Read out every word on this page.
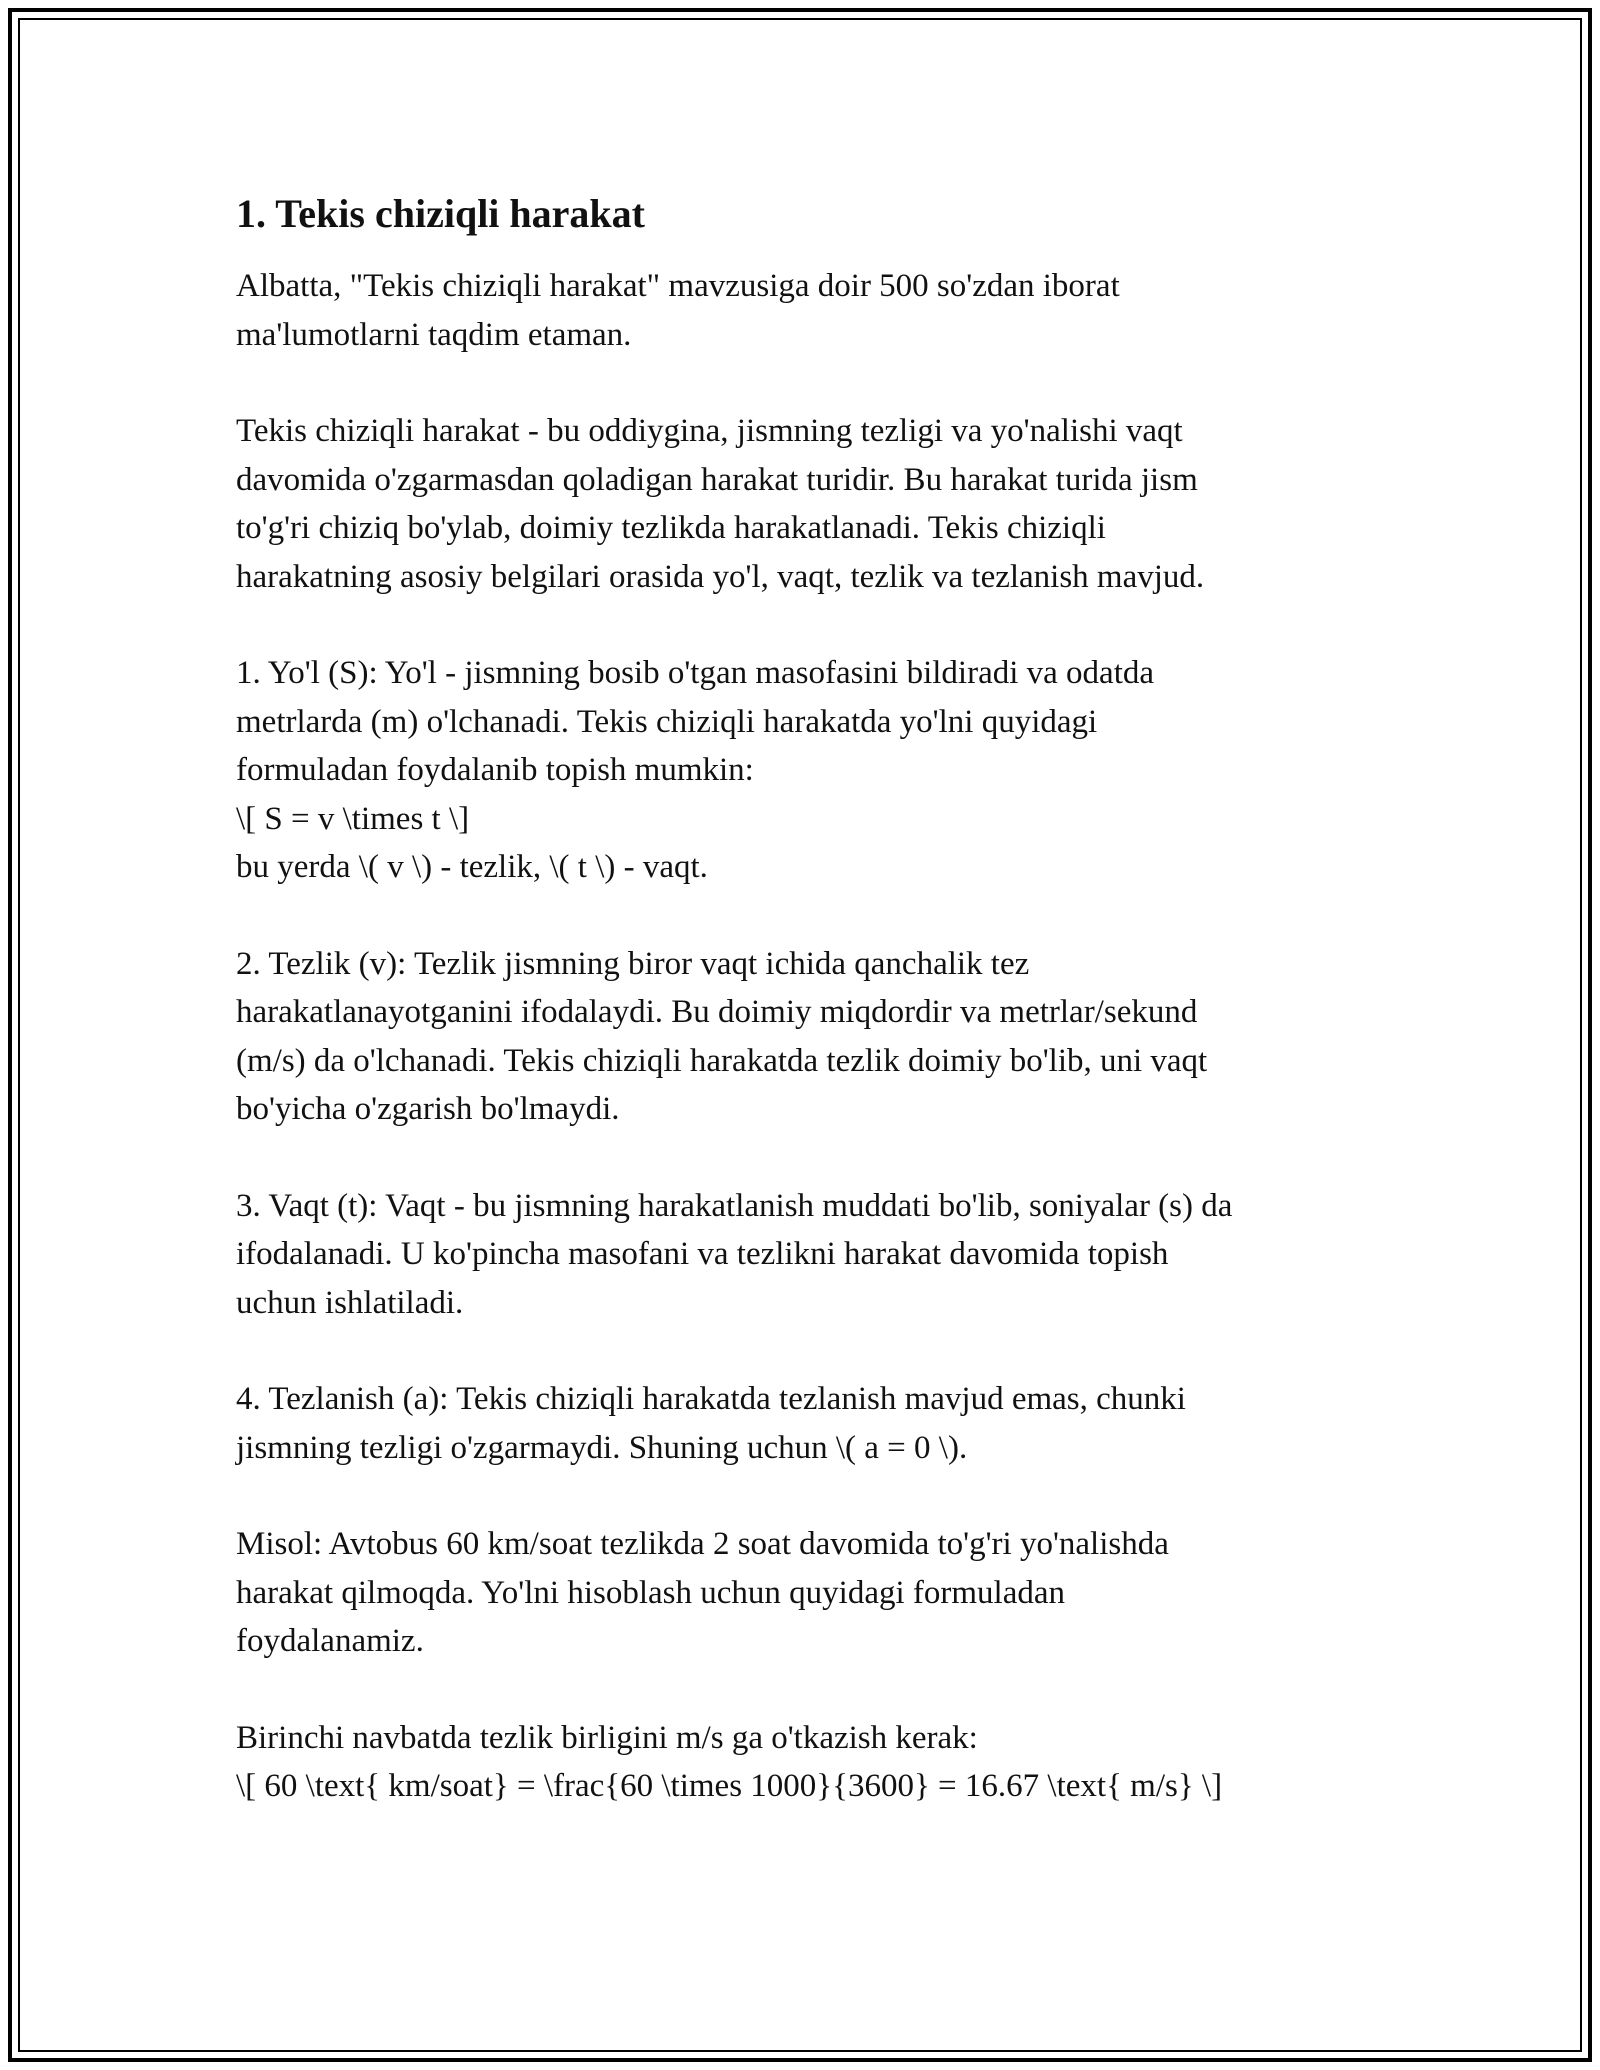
1. Tekis chiziqli harakat

Albatta, "Tekis chiziqli harakat" mavzusiga doir 500 so'zdan iborat
ma'lumotlarni taqdim etaman.

Tekis chiziqli harakat - bu oddiygina, jismning tezligi va yo'nalishi vaqt
davomida o'zgarmasdan qoladigan harakat turidir. Bu harakat turida jism
to'g'ri chiziq bo'ylab, doimiy tezlikda harakatlanadi. Tekis chiziqli
harakatning asosiy belgilari orasida yo'l, vaqt, tezlik va tezlanish mavjud.

1. Yo'l (S): Yo'l - jismning bosib o'tgan masofasini bildiradi va odatda
metrlarda (m) o'lchanadi. Tekis chiziqli harakatda yo'lni quyidagi
formuladan foydalanib topish mumkin:
\[ S = v \times t \]
bu yerda \( v \) - tezlik, \( t \) - vaqt.

2. Tezlik (v): Tezlik jismning biror vaqt ichida qanchalik tez
harakatlanayotganini ifodalaydi. Bu doimiy miqdordir va metrlar/sekund
(m/s) da o'lchanadi. Tekis chiziqli harakatda tezlik doimiy bo'lib, uni vaqt
bo'yicha o'zgarish bo'lmaydi.

3. Vaqt (t): Vaqt - bu jismning harakatlanish muddati bo'lib, soniyalar (s) da
ifodalanadi. U ko'pincha masofani va tezlikni harakat davomida topish
uchun ishlatiladi.

4. Tezlanish (a): Tekis chiziqli harakatda tezlanish mavjud emas, chunki
jismning tezligi o'zgarmaydi. Shuning uchun \( a = 0 \).

Misol: Avtobus 60 km/soat tezlikda 2 soat davomida to'g'ri yo'nalishda
harakat qilmoqda. Yo'lni hisoblash uchun quyidagi formuladan
foydalanamiz.

Birinchi navbatda tezlik birligini m/s ga o'tkazish kerak:
\[ 60 \text{ km/soat} = \frac{60 \times 1000}{3600} = 16.67 \text{ m/s} \]
